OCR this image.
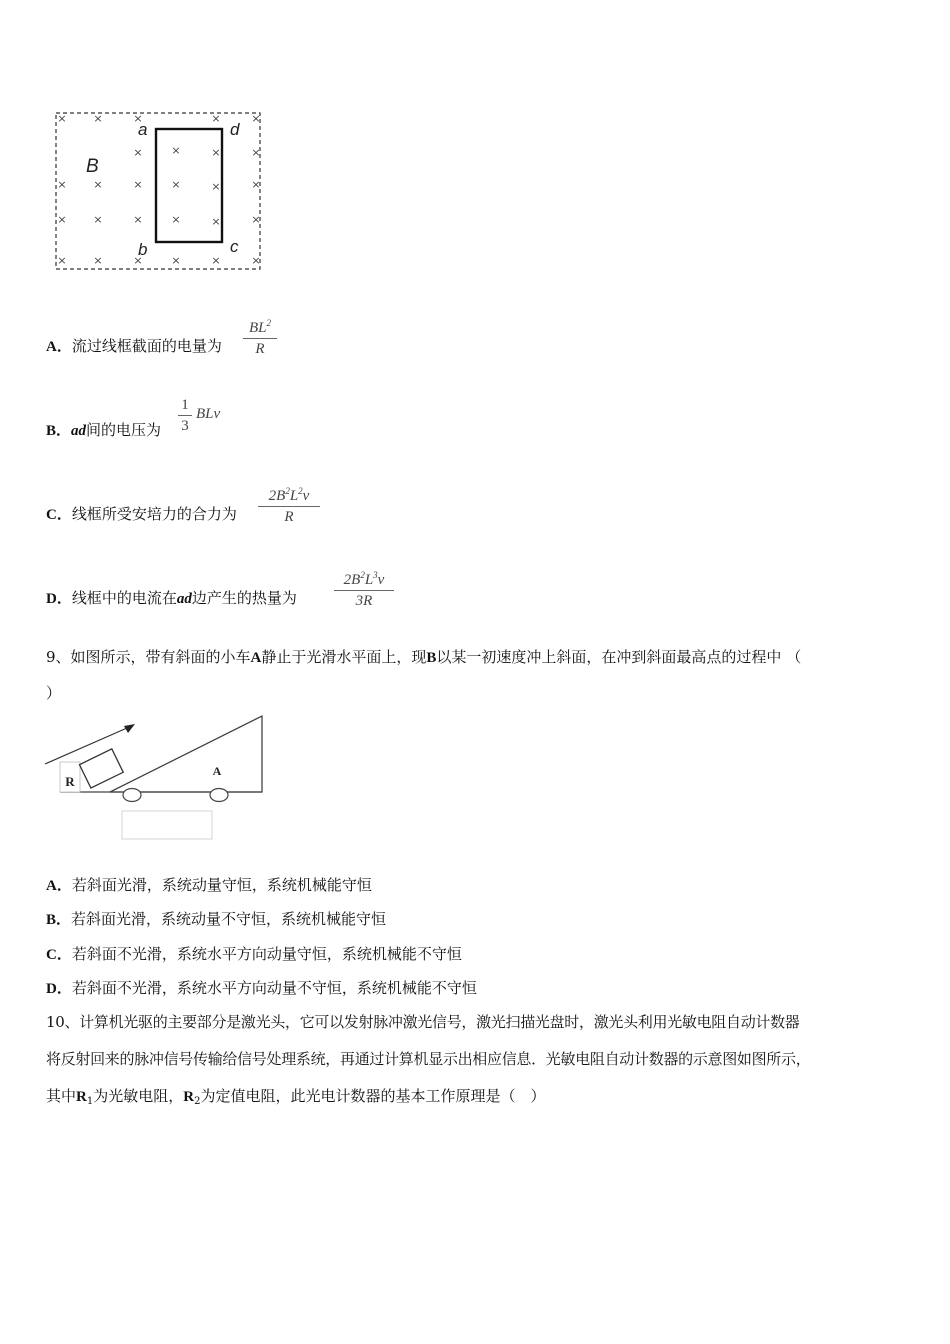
× ×	×	×	×
×	×	×	×
× ×	×	×	×	×
× ×	×	×	×	×
× ×	×	×	×	×
B
a	d
b	c
A．流过线框截面的电量为
$BL^2$
R
B．ad间的电压为
1
3
BLv
C．线框所受安培力的合力为
$2B^2L^2v$
R
D．线框中的电流在ad边产生的热量为
$2B^2L^3v$
3R
9、如图所示，带有斜面的小车A静止于光滑水平面上，现B以某一初速度冲上斜面，在冲到斜面最高点的过程中 （
）
R
A
A．若斜面光滑，系统动量守恒，系统机械能守恒
B．若斜面光滑，系统动量不守恒，系统机械能守恒
C．若斜面不光滑，系统水平方向动量守恒，系统机械能不守恒
D．若斜面不光滑，系统水平方向动量不守恒，系统机械能不守恒
10、计算机光驱的主要部分是激光头，它可以发射脉冲激光信号，激光扫描光盘时，激光头利用光敏电阻自动计数器
将反射回来的脉冲信号传输给信号处理系统，再通过计算机显示出相应信息．光敏电阻自动计数器的示意图如图所示，
其中$R_1$为光敏电阻，$R_2$为定值电阻，此光电计数器的基本工作原理是（　）
